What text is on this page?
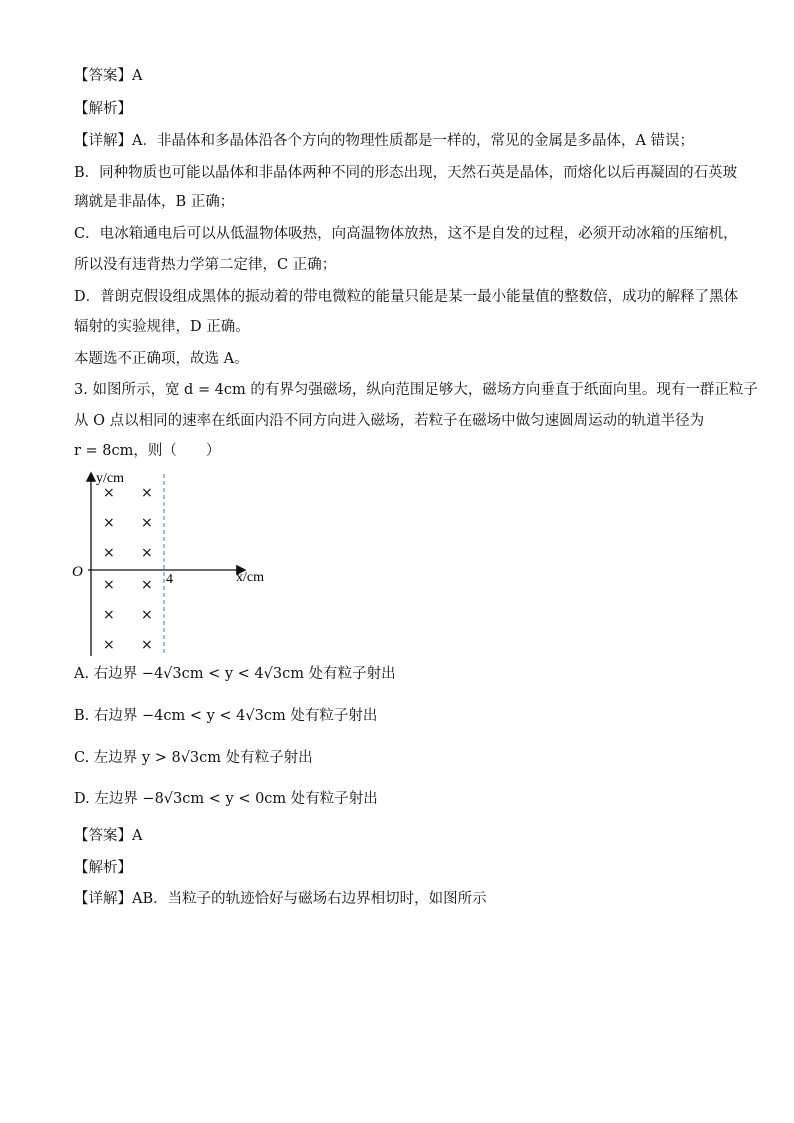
【答案】A
【解析】
【详解】A．非晶体和多晶体沿各个方向的物理性质都是一样的，常见的金属是多晶体，A 错误；
B．同种物质也可能以晶体和非晶体两种不同的形态出现，天然石英是晶体，而熔化以后再凝固的石英玻
璃就是非晶体，B 正确；
C．电冰箱通电后可以从低温物体吸热，向高温物体放热，这不是自发的过程，必须开动冰箱的压缩机，
所以没有违背热力学第二定律，C 正确；
D．普朗克假设组成黑体的振动着的带电微粒的能量只能是某一最小能量值的整数倍，成功的解释了黑体
辐射的实验规律，D 正确。
本题选不正确项，故选 A。
3. 如图所示，宽 d = 4cm 的有界匀强磁场，纵向范围足够大，磁场方向垂直于纸面向里。现有一群正粒子
从 O 点以相同的速率在纸面内沿不同方向进入磁场，若粒子在磁场中做匀速圆周运动的轨道半径为
r = 8cm，则（　　）
y/cm
x/cm
O	4
× ×
× ×
× ×
× ×
× ×
× ×
A. 右边界 −4√3cm < y < 4√3cm 处有粒子射出
B. 右边界 −4cm < y < 4√3cm 处有粒子射出
C. 左边界 y > 8√3cm 处有粒子射出
D. 左边界 −8√3cm < y < 0cm 处有粒子射出
【答案】A
【解析】
【详解】AB．当粒子的轨迹恰好与磁场右边界相切时，如图所示
